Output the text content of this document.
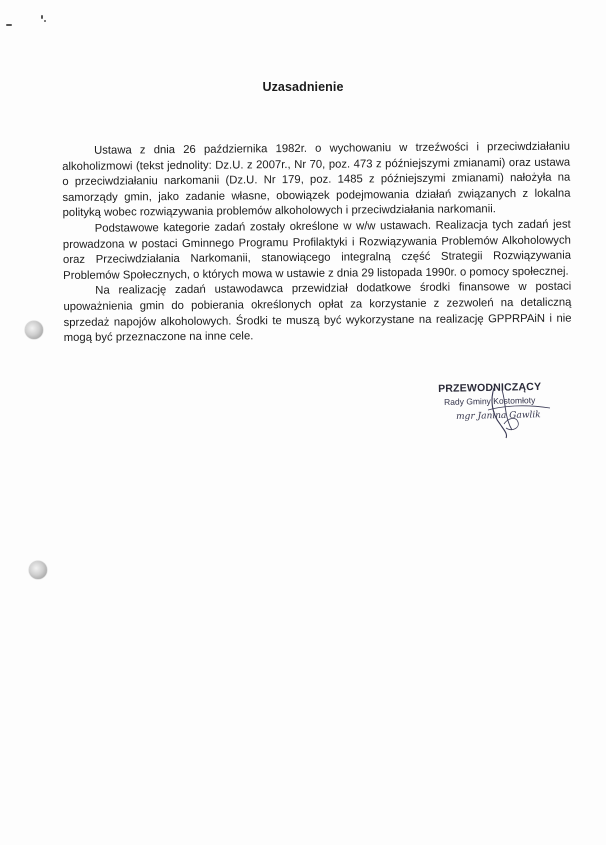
Uzasadnienie

Ustawa z dnia 26 października 1982r. o wychowaniu w trzeźwości i przeciwdziałaniu alkoholizmowi (tekst jednolity: Dz.U. z 2007r., Nr 70, poz. 473 z późniejszymi zmianami) oraz ustawa o przeciwdziałaniu narkomanii (Dz.U. Nr 179, poz. 1485 z późniejszymi zmianami) nałożyła na samorządy gmin, jako zadanie własne, obowiązek podejmowania działań związanych z lokalna polityką wobec rozwiązywania problemów alkoholowych i przeciwdziałania narkomanii.

Podstawowe kategorie zadań zostały określone w w/w ustawach. Realizacja tych zadań jest prowadzona w postaci Gminnego Programu Profilaktyki i Rozwiązywania Problemów Alkoholowych oraz Przeciwdziałania Narkomanii, stanowiącego integralną część Strategii Rozwiązywania Problemów Społecznych, o których mowa w ustawie z dnia 29 listopada 1990r. o pomocy społecznej.

Na realizację zadań ustawodawca przewidział dodatkowe środki finansowe w postaci upoważnienia gmin do pobierania określonych opłat za korzystanie z zezwoleń na detaliczną sprzedaż napojów alkoholowych. Środki te muszą być wykorzystane na realizację GPPRPAiN i nie mogą być przeznaczone na inne cele.

PRZEWODNICZĄCY
Rady Gminy Kostomłoty
mgr Janina Gawlik
